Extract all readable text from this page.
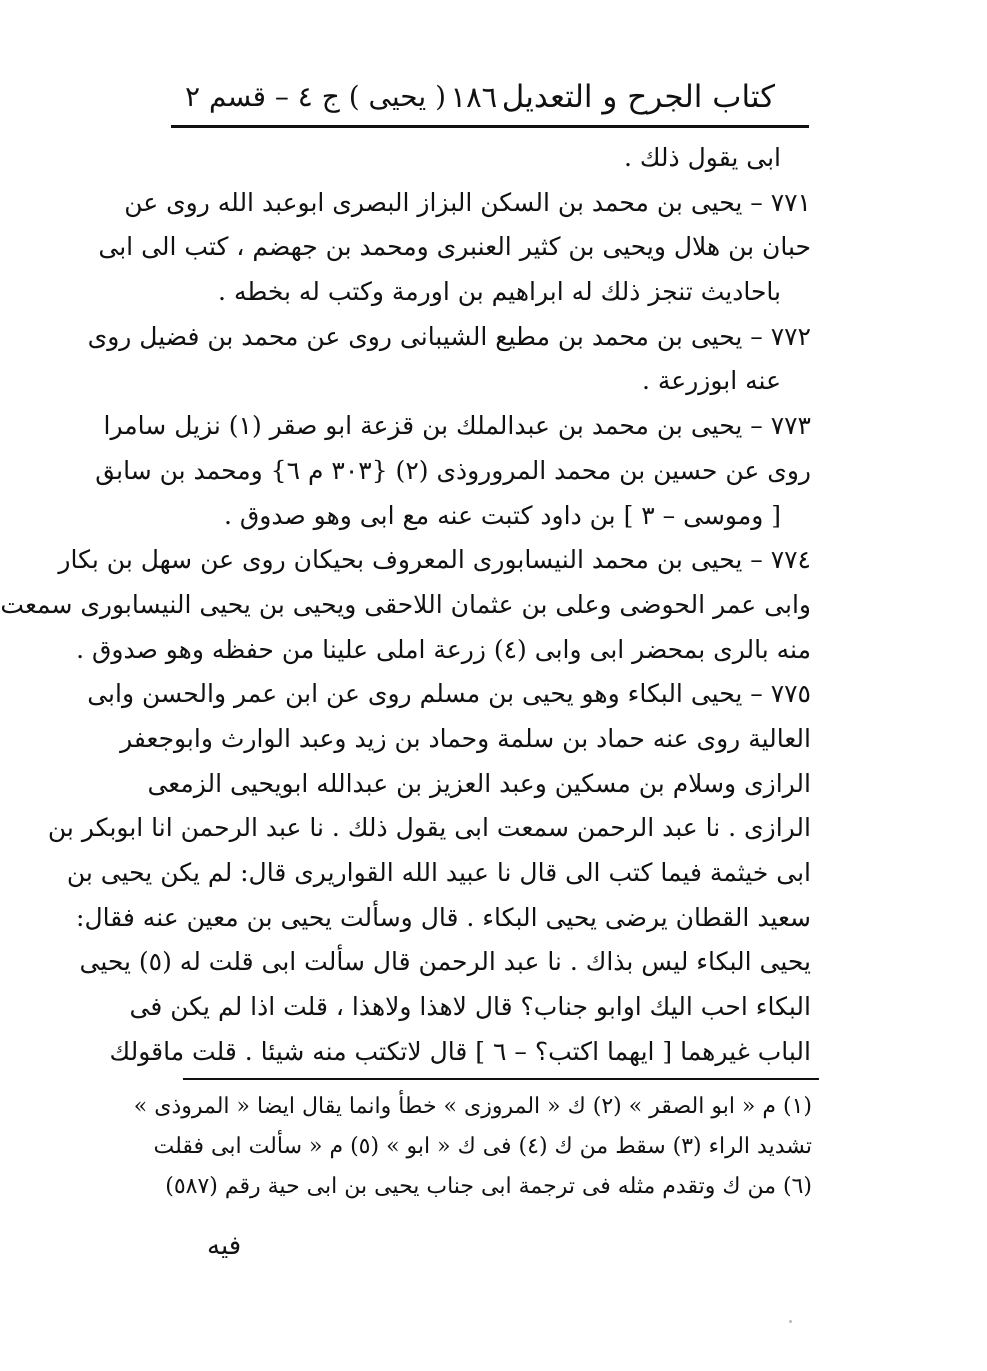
كتاب الجرح و التعديل
١٨٦
( يحيى ) ج ٤ – قسم ٢
ابى يقول ذلك .
٧٧١ – يحيى بن محمد بن السكن البزاز البصرى ابوعبد الله روى عن
حبان بن هلال ويحيى بن كثير العنبرى ومحمد بن جهضم ، كتب الى ابى
باحاديث تنجز ذلك له ابراهيم بن اورمة وكتب له بخطه .
٧٧٢ – يحيى بن محمد بن مطيع الشيبانى روى عن محمد بن فضيل روى
عنه ابوزرعة .
٧٧٣ – يحيى بن محمد بن عبدالملك بن قزعة ابو صقر (١) نزيل سامرا
روى عن حسين بن محمد المروروذى (٢) {٣٠٣ م ٦} ومحمد بن سابق
[ وموسى – ٣ ] بن داود كتبت عنه مع ابى وهو صدوق .
٧٧٤ – يحيى بن محمد النيسابورى المعروف بحيكان روى عن سهل بن بكار
وابى عمر الحوضى وعلى بن عثمان اللاحقى ويحيى بن يحيى النيسابورى سمعت
منه بالرى بمحضر ابى وابى (٤) زرعة املى علينا من حفظه وهو صدوق .
٧٧٥ – يحيى البكاء وهو يحيى بن مسلم روى عن ابن عمر والحسن وابى
العالية روى عنه حماد بن سلمة وحماد بن زيد وعبد الوارث وابوجعفر
الرازى وسلام بن مسكين وعبد العزيز بن عبدالله ابويحيى الزمعى
الرازى . نا عبد الرحمن سمعت ابى يقول ذلك . نا عبد الرحمن انا ابوبكر بن
ابى خيثمة فيما كتب الى قال نا عبيد الله القواريرى قال: لم يكن يحيى بن
سعيد القطان يرضى يحيى البكاء . قال وسألت يحيى بن معين عنه فقال:
يحيى البكاء ليس بذاك . نا عبد الرحمن قال سألت ابى قلت له (٥) يحيى
البكاء احب اليك اوابو جناب؟ قال لاهذا ولاهذا ، قلت اذا لم يكن فى
الباب غيرهما [ ايهما اكتب؟ – ٦ ] قال لاتكتب منه شيئا . قلت ماقولك
(١) م « ابو الصقر » (٢) ك « المروزى » خطأ وانما يقال ايضا « المروذى »
تشديد الراء (٣) سقط من ك (٤) فى ك « ابو » (٥) م « سألت ابى فقلت
(٦) من ك وتقدم مثله فى ترجمة ابى جناب يحيى بن ابى حية رقم (٥٨٧)
فيه
